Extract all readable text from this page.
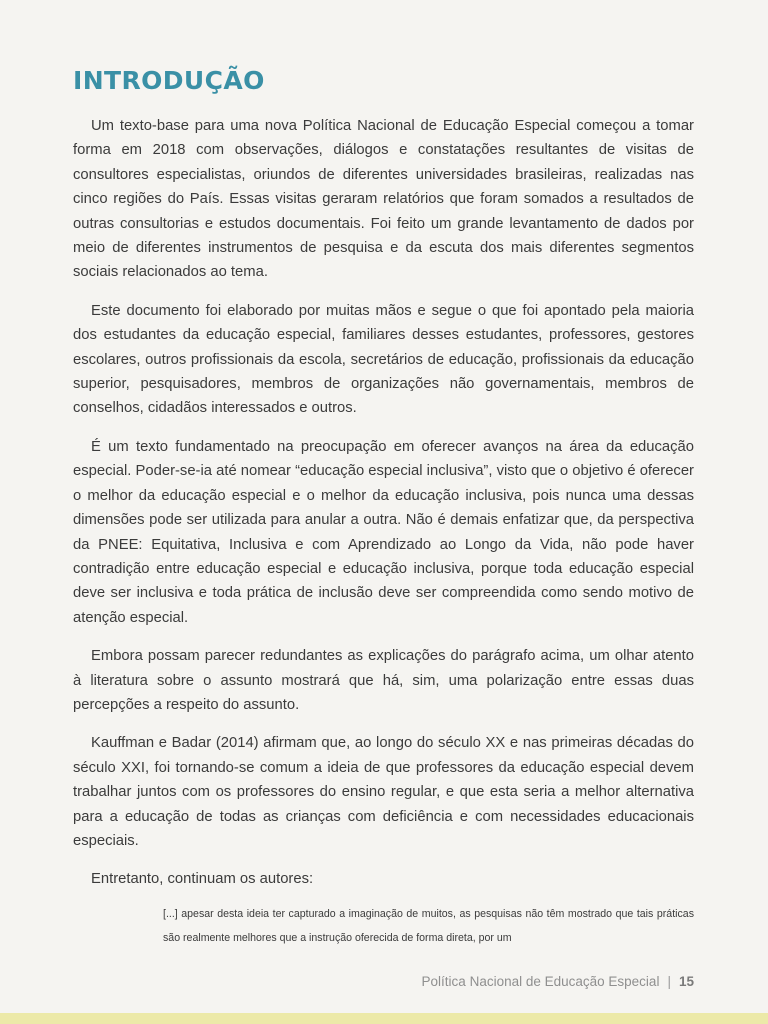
INTRODUÇÃO

Um texto-base para uma nova Política Nacional de Educação Especial começou a tomar forma em 2018 com observações, diálogos e constatações resultantes de visitas de consultores especialistas, oriundos de diferentes universidades brasileiras, realizadas nas cinco regiões do País. Essas visitas geraram relatórios que foram somados a resultados de outras consultorias e estudos documentais. Foi feito um grande levantamento de dados por meio de diferentes instrumentos de pesquisa e da escuta dos mais diferentes segmentos sociais relacionados ao tema.

Este documento foi elaborado por muitas mãos e segue o que foi apontado pela maioria dos estudantes da educação especial, familiares desses estudantes, professores, gestores escolares, outros profissionais da escola, secretários de educação, profissionais da educação superior, pesquisadores, membros de organizações não governamentais, membros de conselhos, cidadãos interessados e outros.

É um texto fundamentado na preocupação em oferecer avanços na área da educação especial. Poder-se-ia até nomear “educação especial inclusiva”, visto que o objetivo é oferecer o melhor da educação especial e o melhor da educação inclusiva, pois nunca uma dessas dimensões pode ser utilizada para anular a outra. Não é demais enfatizar que, da perspectiva da PNEE: Equitativa, Inclusiva e com Aprendizado ao Longo da Vida, não pode haver contradição entre educação especial e educação inclusiva, porque toda educação especial deve ser inclusiva e toda prática de inclusão deve ser compreendida como sendo motivo de atenção especial.

Embora possam parecer redundantes as explicações do parágrafo acima, um olhar atento à literatura sobre o assunto mostrará que há, sim, uma polarização entre essas duas percepções a respeito do assunto.

Kauffman e Badar (2014) afirmam que, ao longo do século XX e nas primeiras décadas do século XXI, foi tornando-se comum a ideia de que professores da educação especial devem trabalhar juntos com os professores do ensino regular, e que esta seria a melhor alternativa para a educação de todas as crianças com deficiência e com necessidades educacionais especiais.

Entretanto, continuam os autores:

[...] apesar desta ideia ter capturado a imaginação de muitos, as pesquisas não têm mostrado que tais práticas são realmente melhores que a instrução oferecida de forma direta, por um

Política Nacional de Educação Especial | 15
